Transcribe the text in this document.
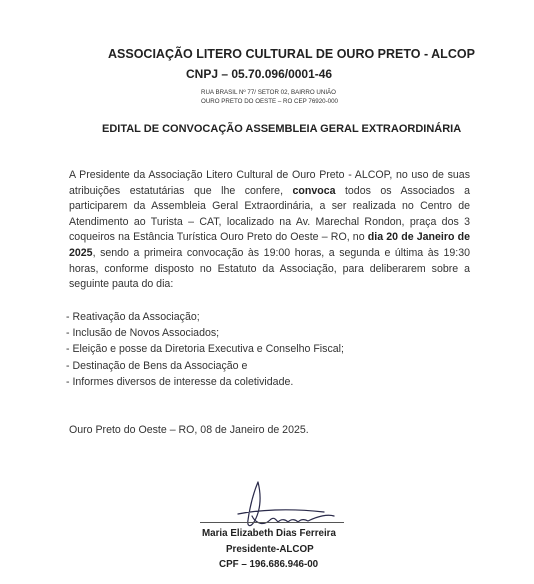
ASSOCIAÇÃO LITERO CULTURAL DE OURO PRETO - ALCOP
CNPJ – 05.70.096/0001-46
RUA BRASIL Nº 77/ SETOR 02, BAIRRO UNIÃO
OURO PRETO DO OESTE – RO CEP 76920-000
EDITAL DE CONVOCAÇÃO ASSEMBLEIA GERAL EXTRAORDINÁRIA

A Presidente da Associação Litero Cultural de Ouro Preto - ALCOP, no uso de suas atribuições estatutárias que lhe confere, convoca todos os Associados a participarem da Assembleia Geral Extraordinária, a ser realizada no Centro de Atendimento ao Turista – CAT, localizado na Av. Marechal Rondon, praça dos 3 coqueiros na Estância Turística Ouro Preto do Oeste – RO, no dia 20 de Janeiro de 2025, sendo a primeira convocação às 19:00 horas, a segunda e última às 19:30 horas, conforme disposto no Estatuto da Associação, para deliberarem sobre a seguinte pauta do dia:

- Reativação da Associação;
- Inclusão de Novos Associados;
- Eleição e posse da Diretoria Executiva e Conselho Fiscal;
- Destinação de Bens da Associação e
- Informes diversos de interesse da coletividade.
Ouro Preto do Oeste – RO, 08 de Janeiro de 2025.
Maria Elizabeth Dias Ferreira
Presidente-ALCOP
CPF – 196.686.946-00
